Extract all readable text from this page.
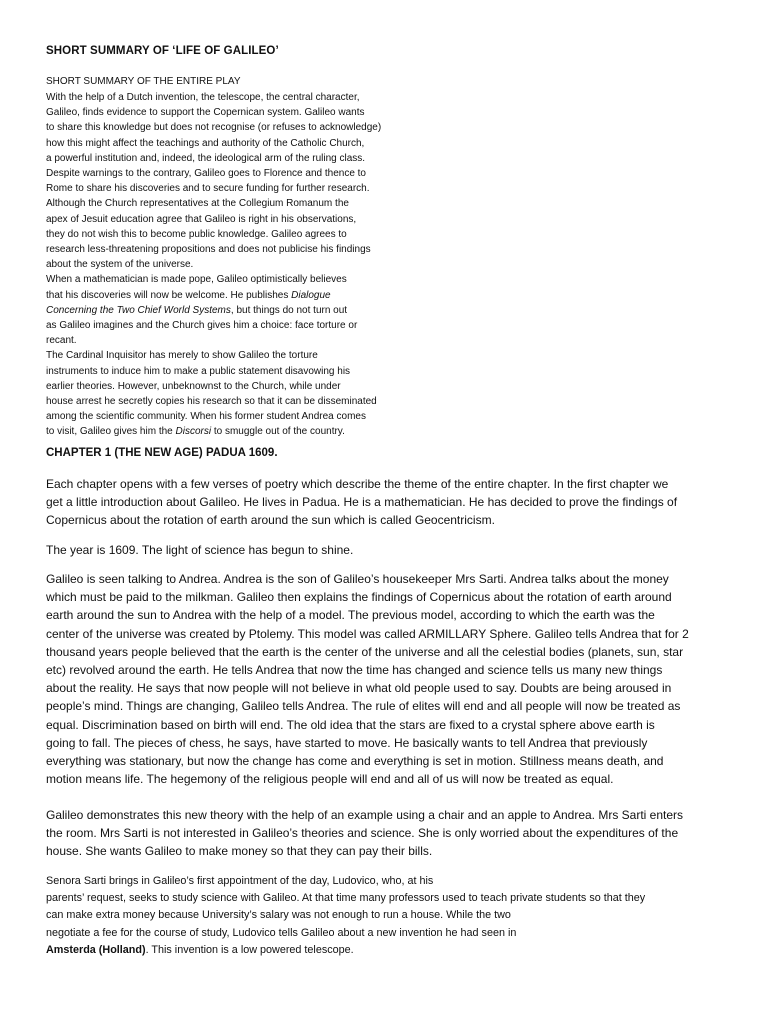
SHORT SUMMARY OF ‘LIFE OF GALILEO’
SHORT SUMMARY OF THE ENTIRE PLAY
With the help of a Dutch invention, the telescope, the central character,
Galileo, finds evidence to support the Copernican system. Galileo wants
to share this knowledge but does not recognise (or refuses to acknowledge)
how this might affect the teachings and authority of the Catholic Church,
a powerful institution and, indeed, the ideological arm of the ruling class.
Despite warnings to the contrary, Galileo goes to Florence and thence to
Rome to share his discoveries and to secure funding for further research.
Although the Church representatives at the Collegium Romanum the
apex of Jesuit education agree that Galileo is right in his observations,
they do not wish this to become public knowledge. Galileo agrees to
research less-threatening propositions and does not publicise his findings
about the system of the universe.
When a mathematician is made pope, Galileo optimistically believes
that his discoveries will now be welcome. He publishes Dialogue
Concerning the Two Chief World Systems, but things do not turn out
as Galileo imagines and the Church gives him a choice: face torture or
recant.
The Cardinal Inquisitor has merely to show Galileo the torture
instruments to induce him to make a public statement disavowing his
earlier theories. However, unbeknownst to the Church, while under
house arrest he secretly copies his research so that it can be disseminated
among the scientific community. When his former student Andrea comes
to visit, Galileo gives him the Discorsi to smuggle out of the country.
CHAPTER 1 (THE NEW AGE) PADUA 1609.
Each chapter opens with a few verses of poetry which describe the theme of the entire chapter. In the first chapter we
get a little introduction about Galileo. He lives in Padua. He is a mathematician. He has decided to prove the findings of
Copernicus about the rotation of earth around the sun which is called Geocentricism.
The year is 1609. The light of science has begun to shine.
Galileo is seen talking to Andrea. Andrea is the son of Galileo’s housekeeper Mrs Sarti. Andrea talks about the money
which must be paid to the milkman. Galileo then explains the findings of Copernicus about the rotation of earth around
earth around the sun to Andrea with the help of a model. The previous model, according to which the earth was the
center of the universe was created by Ptolemy. This model was called ARMILLARY Sphere. Galileo tells Andrea that for 2
thousand years people believed that the earth is the center of the universe and all the celestial bodies (planets, sun, star
etc) revolved around the earth. He tells Andrea that now the time has changed and science tells us many new things
about the reality. He says that now people will not believe in what old people used to say. Doubts are being aroused in
people’s mind. Things are changing, Galileo tells Andrea. The rule of elites will end and all people will now be treated as
equal. Discrimination based on birth will end. The old idea that the stars are fixed to a crystal sphere above earth is
going to fall. The pieces of chess, he says, have started to move. He basically wants to tell Andrea that previously
everything was stationary, but now the change has come and everything is set in motion. Stillness means death, and
motion means life. The hegemony of the religious people will end and all of us will now be treated as equal.
Galileo demonstrates this new theory with the help of an example using a chair and an apple to Andrea. Mrs Sarti enters
the room. Mrs Sarti is not interested in Galileo’s theories and science. She is only worried about the expenditures of the
house. She wants Galileo to make money so that they can pay their bills.
Senora Sarti brings in Galileo’s first appointment of the day, Ludovico, who, at his
parents’ request, seeks to study science with Galileo. At that time many professors used to teach private students so that they
can make extra money because University’s salary was not enough to run a house. While the two
negotiate a fee for the course of study, Ludovico tells Galileo about a new invention he had seen in
Amsterda (Holland). This invention is a low powered telescope.
